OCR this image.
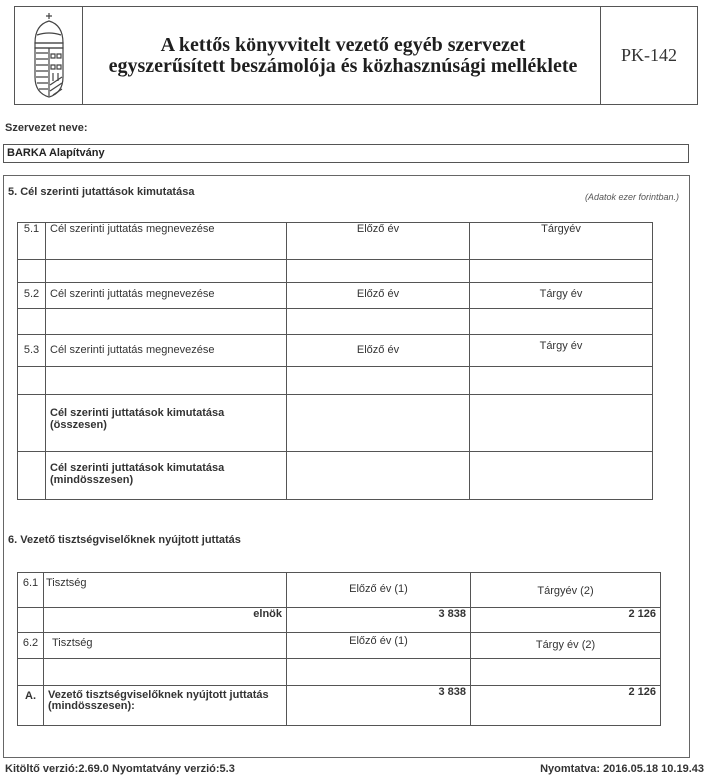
A kettős könyvvitelt vezető egyéb szervezet
egyszerűsített beszámolója és közhasznúsági melléklete	PK-142
Szervezet neve:
BARKA Alapítvány
5. Cél szerinti jutattások kimutatása	(Adatok ezer forintban.)
5.1	Cél szerinti juttatás megnevezése	Előző év	Tárgyév

5.2	Cél szerinti juttatás megnevezése	Előző év	Tárgy év

5.3	Cél szerinti juttatás megnevezése	Előző év	Tárgy év

	Cél szerinti juttatások kimutatása (összesen)		
	Cél szerinti juttatások kimutatása (mindösszesen)		
6. Vezető tisztségviselőknek nyújtott juttatás
6.1	Tisztség	Előző év (1)	Tárgyév (2)
	elnök	3 838	2 126
6.2	Tisztség	Előző év (1)	Tárgy év (2)

A.	Vezető tisztségviselőknek nyújtott juttatás (mindösszesen):	3 838	2 126
Kitöltő verzió:2.69.0 Nyomtatvány verzió:5.3	Nyomtatva: 2016.05.18 10.19.43
